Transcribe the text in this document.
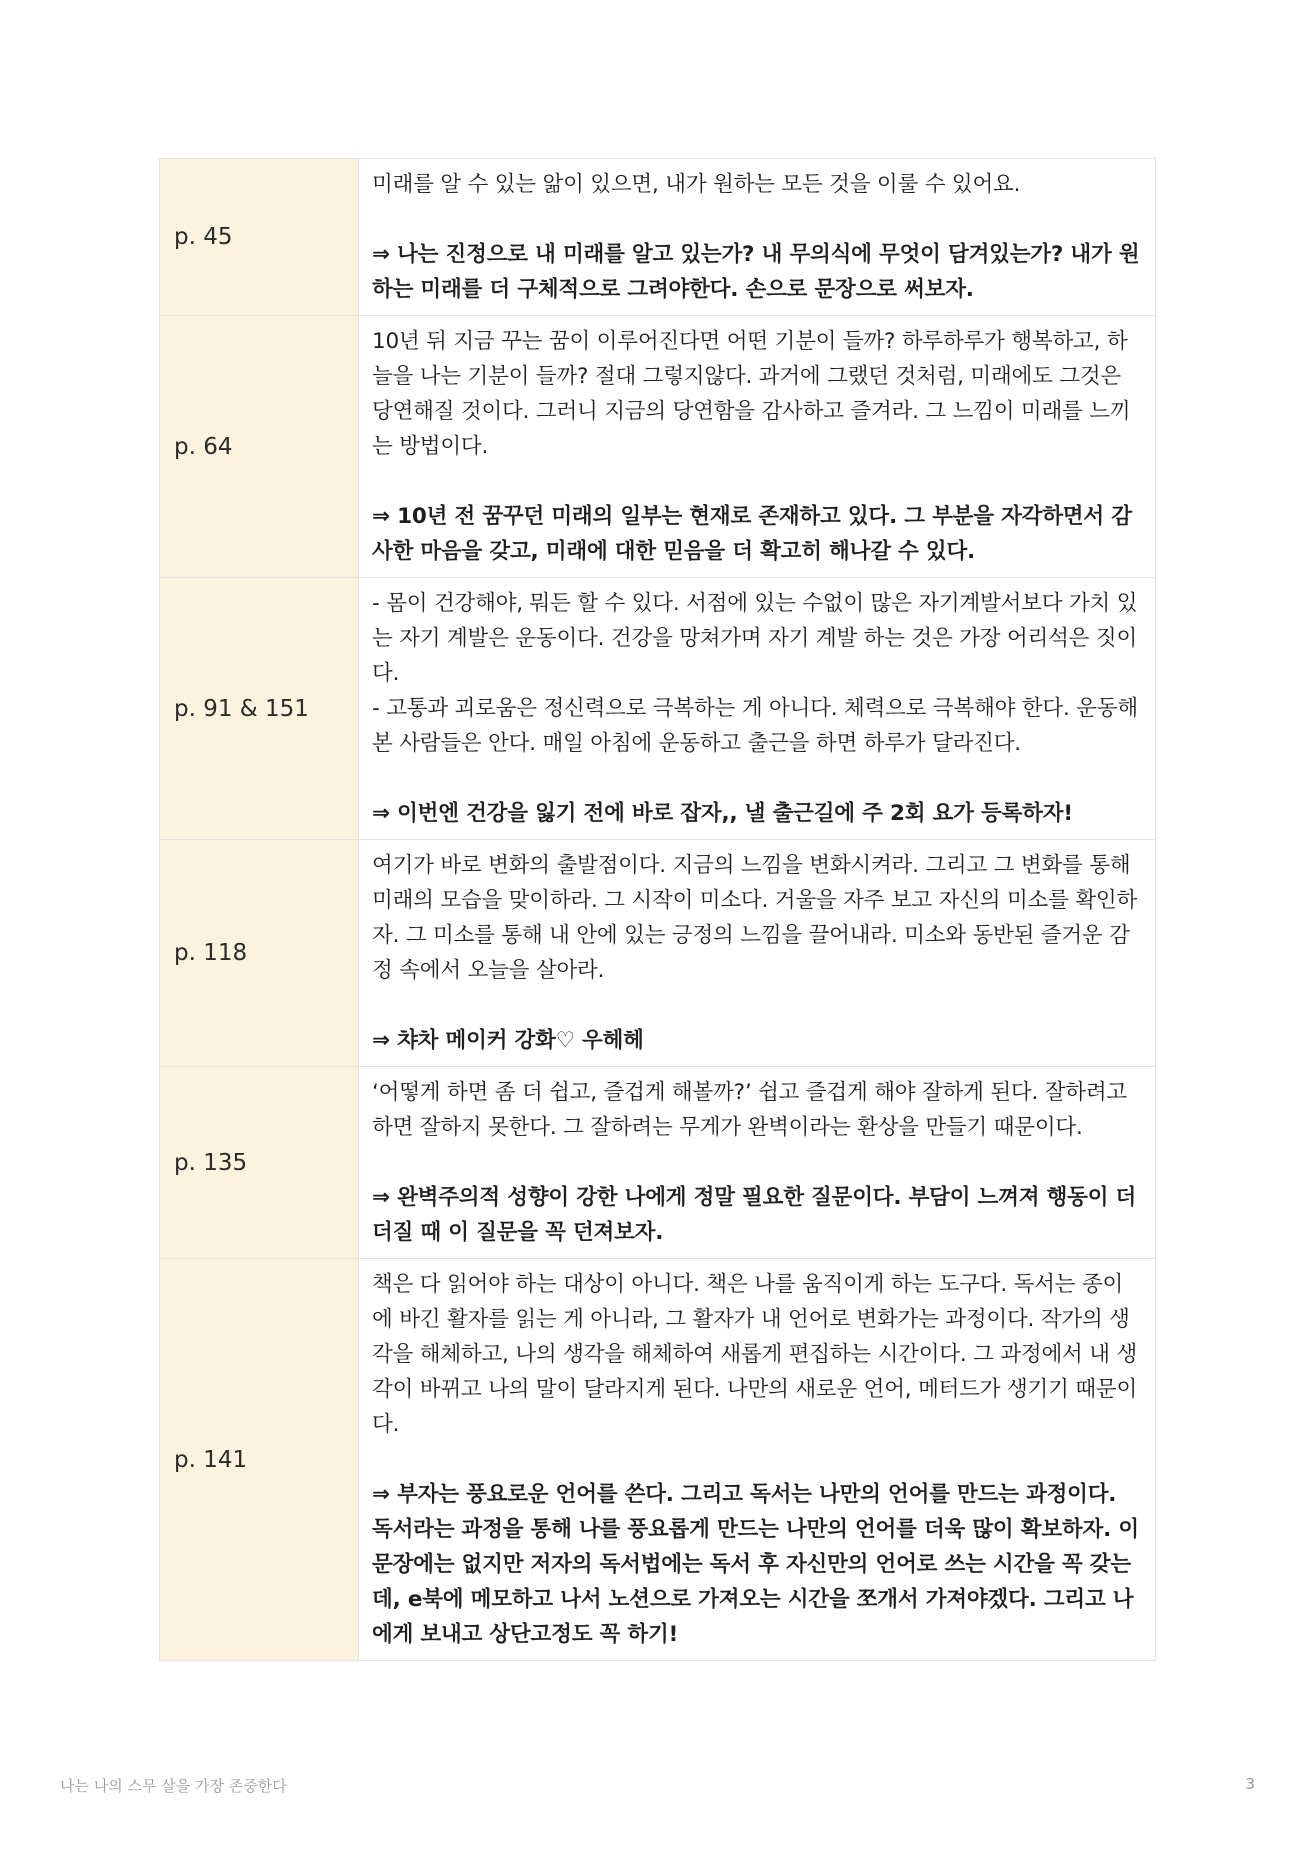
p. 45	미래를 알 수 있는 앎이 있으면, 내가 원하는 모든 것을 이룰 수 있어요.

⇒ 나는 진정으로 내 미래를 알고 있는가? 내 무의식에 무엇이 담겨있는가? 내가 원하는 미래를 더 구체적으로 그려야한다. 손으로 문장으로 써보자.

p. 64	10년 뒤 지금 꾸는 꿈이 이루어진다면 어떤 기분이 들까? 하루하루가 행복하고, 하늘을 나는 기분이 들까? 절대 그렇지않다. 과거에 그랬던 것처럼, 미래에도 그것은 당연해질 것이다. 그러니 지금의 당연함을 감사하고 즐겨라. 그 느낌이 미래를 느끼는 방법이다.

⇒ 10년 전 꿈꾸던 미래의 일부는 현재로 존재하고 있다. 그 부분을 자각하면서 감사한 마음을 갖고, 미래에 대한 믿음을 더 확고히 해나갈 수 있다.

p. 91 & 151	- 몸이 건강해야, 뭐든 할 수 있다. 서점에 있는 수없이 많은 자기계발서보다 가치 있는 자기 계발은 운동이다. 건강을 망쳐가며 자기 계발 하는 것은 가장 어리석은 짓이다.
- 고통과 괴로움은 정신력으로 극복하는 게 아니다. 체력으로 극복해야 한다. 운동해본 사람들은 안다. 매일 아침에 운동하고 출근을 하면 하루가 달라진다.

⇒ 이번엔 건강을 잃기 전에 바로 잡자,, 낼 출근길에 주 2회 요가 등록하자!

p. 118	여기가 바로 변화의 출발점이다. 지금의 느낌을 변화시켜라. 그리고 그 변화를 통해 미래의 모습을 맞이하라. 그 시작이 미소다. 거울을 자주 보고 자신의 미소를 확인하자. 그 미소를 통해 내 안에 있는 긍정의 느낌을 끌어내라. 미소와 동반된 즐거운 감정 속에서 오늘을 살아라.

⇒ 챠차 메이커 강화♡ 우헤헤

p. 135	‘어떻게 하면 좀 더 쉽고, 즐겁게 해볼까?’ 쉽고 즐겁게 해야 잘하게 된다. 잘하려고 하면 잘하지 못한다. 그 잘하려는 무게가 완벽이라는 환상을 만들기 때문이다.

⇒ 완벽주의적 성향이 강한 나에게 정말 필요한 질문이다. 부담이 느껴져 행동이 더 더질 때 이 질문을 꼭 던져보자.

p. 141	책은 다 읽어야 하는 대상이 아니다. 책은 나를 움직이게 하는 도구다. 독서는 종이에 바긴 활자를 읽는 게 아니라, 그 활자가 내 언어로 변화가는 과정이다. 작가의 생각을 해체하고, 나의 생각을 해체하여 새롭게 편집하는 시간이다. 그 과정에서 내 생각이 바뀌고 나의 말이 달라지게 된다. 나만의 새로운 언어, 메터드가 생기기 때문이다.

⇒ 부자는 풍요로운 언어를 쓴다. 그리고 독서는 나만의 언어를 만드는 과정이다. 독서라는 과정을 통해 나를 풍요롭게 만드는 나만의 언어를 더욱 많이 확보하자. 이 문장에는 없지만 저자의 독서법에는 독서 후 자신만의 언어로 쓰는 시간을 꼭 갖는데, e북에 메모하고 나서 노션으로 가져오는 시간을 쪼개서 가져야겠다. 그리고 나에게 보내고 상단고정도 꼭 하기!

나는 나의 스무 살을 가장 존중한다	3
